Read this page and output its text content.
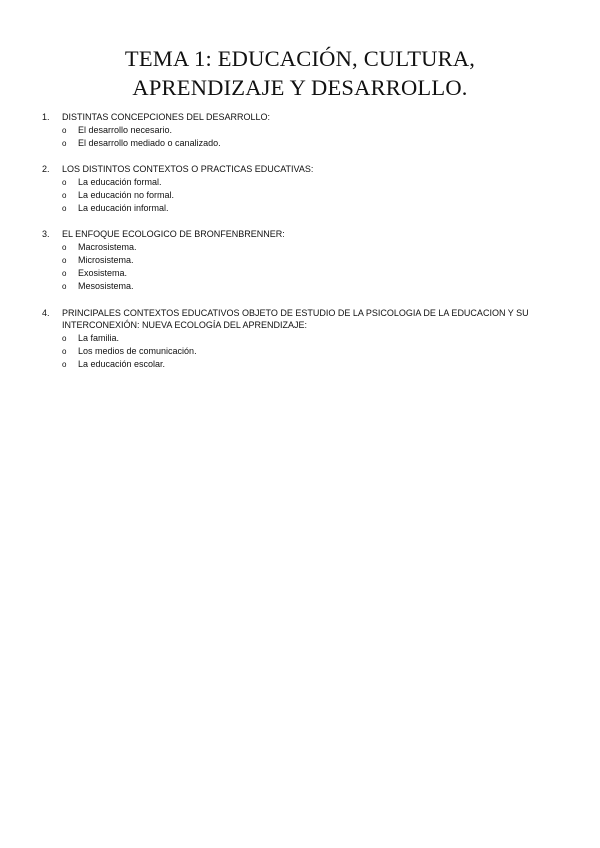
TEMA 1: EDUCACIÓN, CULTURA,
APRENDIZAJE Y DESARROLLO.
1.	DISTINTAS CONCEPCIONES DEL DESARROLLO:
o	El desarrollo necesario.
o	El desarrollo mediado o canalizado.
2.	LOS DISTINTOS CONTEXTOS O PRACTICAS EDUCATIVAS:
o	La educación formal.
o	La educación no formal.
o	La educación informal.
3.	EL ENFOQUE ECOLOGICO DE BRONFENBRENNER:
o	Macrosistema.
o	Microsistema.
o	Exosistema.
o	Mesosistema.
4.	PRINCIPALES CONTEXTOS EDUCATIVOS OBJETO DE ESTUDIO DE LA PSICOLOGIA DE LA EDUCACION Y SU INTERCONEXIÓN: NUEVA ECOLOGÍA DEL APRENDIZAJE:
o	La familia.
o	Los medios de comunicación.
o	La educación escolar.
